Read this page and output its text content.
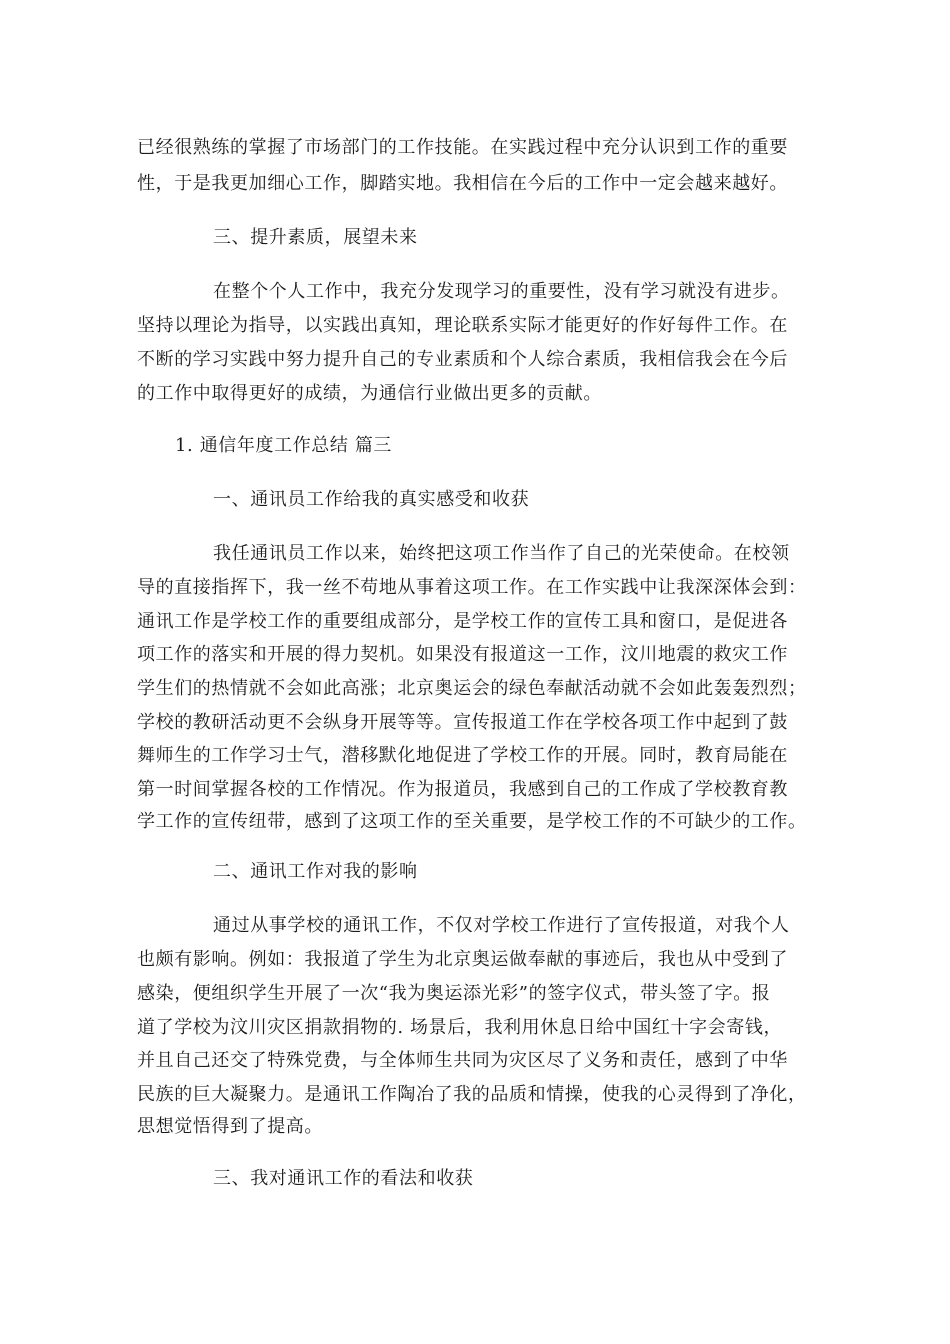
已经很熟练的掌握了市场部门的工作技能。在实践过程中充分认识到工作的重要
性，于是我更加细心工作，脚踏实地。我相信在今后的工作中一定会越来越好。
三、提升素质，展望未来
在整个个人工作中，我充分发现学习的重要性，没有学习就没有进步。
坚持以理论为指导，以实践出真知，理论联系实际才能更好的作好每件工作。在
不断的学习实践中努力提升自己的专业素质和个人综合素质，我相信我会在今后
的工作中取得更好的成绩，为通信行业做出更多的贡献。
1. 通信年度工作总结 篇三
一、通讯员工作给我的真实感受和收获
我任通讯员工作以来，始终把这项工作当作了自己的光荣使命。在校领
导的直接指挥下，我一丝不苟地从事着这项工作。在工作实践中让我深深体会到：
通讯工作是学校工作的重要组成部分，是学校工作的宣传工具和窗口，是促进各
项工作的落实和开展的得力契机。如果没有报道这一工作，汶川地震的救灾工作
学生们的热情就不会如此高涨；北京奥运会的绿色奉献活动就不会如此轰轰烈烈；
学校的教研活动更不会纵身开展等等。宣传报道工作在学校各项工作中起到了鼓
舞师生的工作学习士气，潜移默化地促进了学校工作的开展。同时，教育局能在
第一时间掌握各校的工作情况。作为报道员，我感到自己的工作成了学校教育教
学工作的宣传纽带，感到了这项工作的至关重要，是学校工作的不可缺少的工作。
二、通讯工作对我的影响
通过从事学校的通讯工作，不仅对学校工作进行了宣传报道，对我个人
也颇有影响。例如：我报道了学生为北京奥运做奉献的事迹后，我也从中受到了
感染，便组织学生开展了一次“我为奥运添光彩”的签字仪式，带头签了字。报
道了学校为汶川灾区捐款捐物的. 场景后，我利用休息日给中国红十字会寄钱，
并且自己还交了特殊党费，与全体师生共同为灾区尽了义务和责任，感到了中华
民族的巨大凝聚力。是通讯工作陶冶了我的品质和情操，使我的心灵得到了净化，
思想觉悟得到了提高。
三、我对通讯工作的看法和收获
